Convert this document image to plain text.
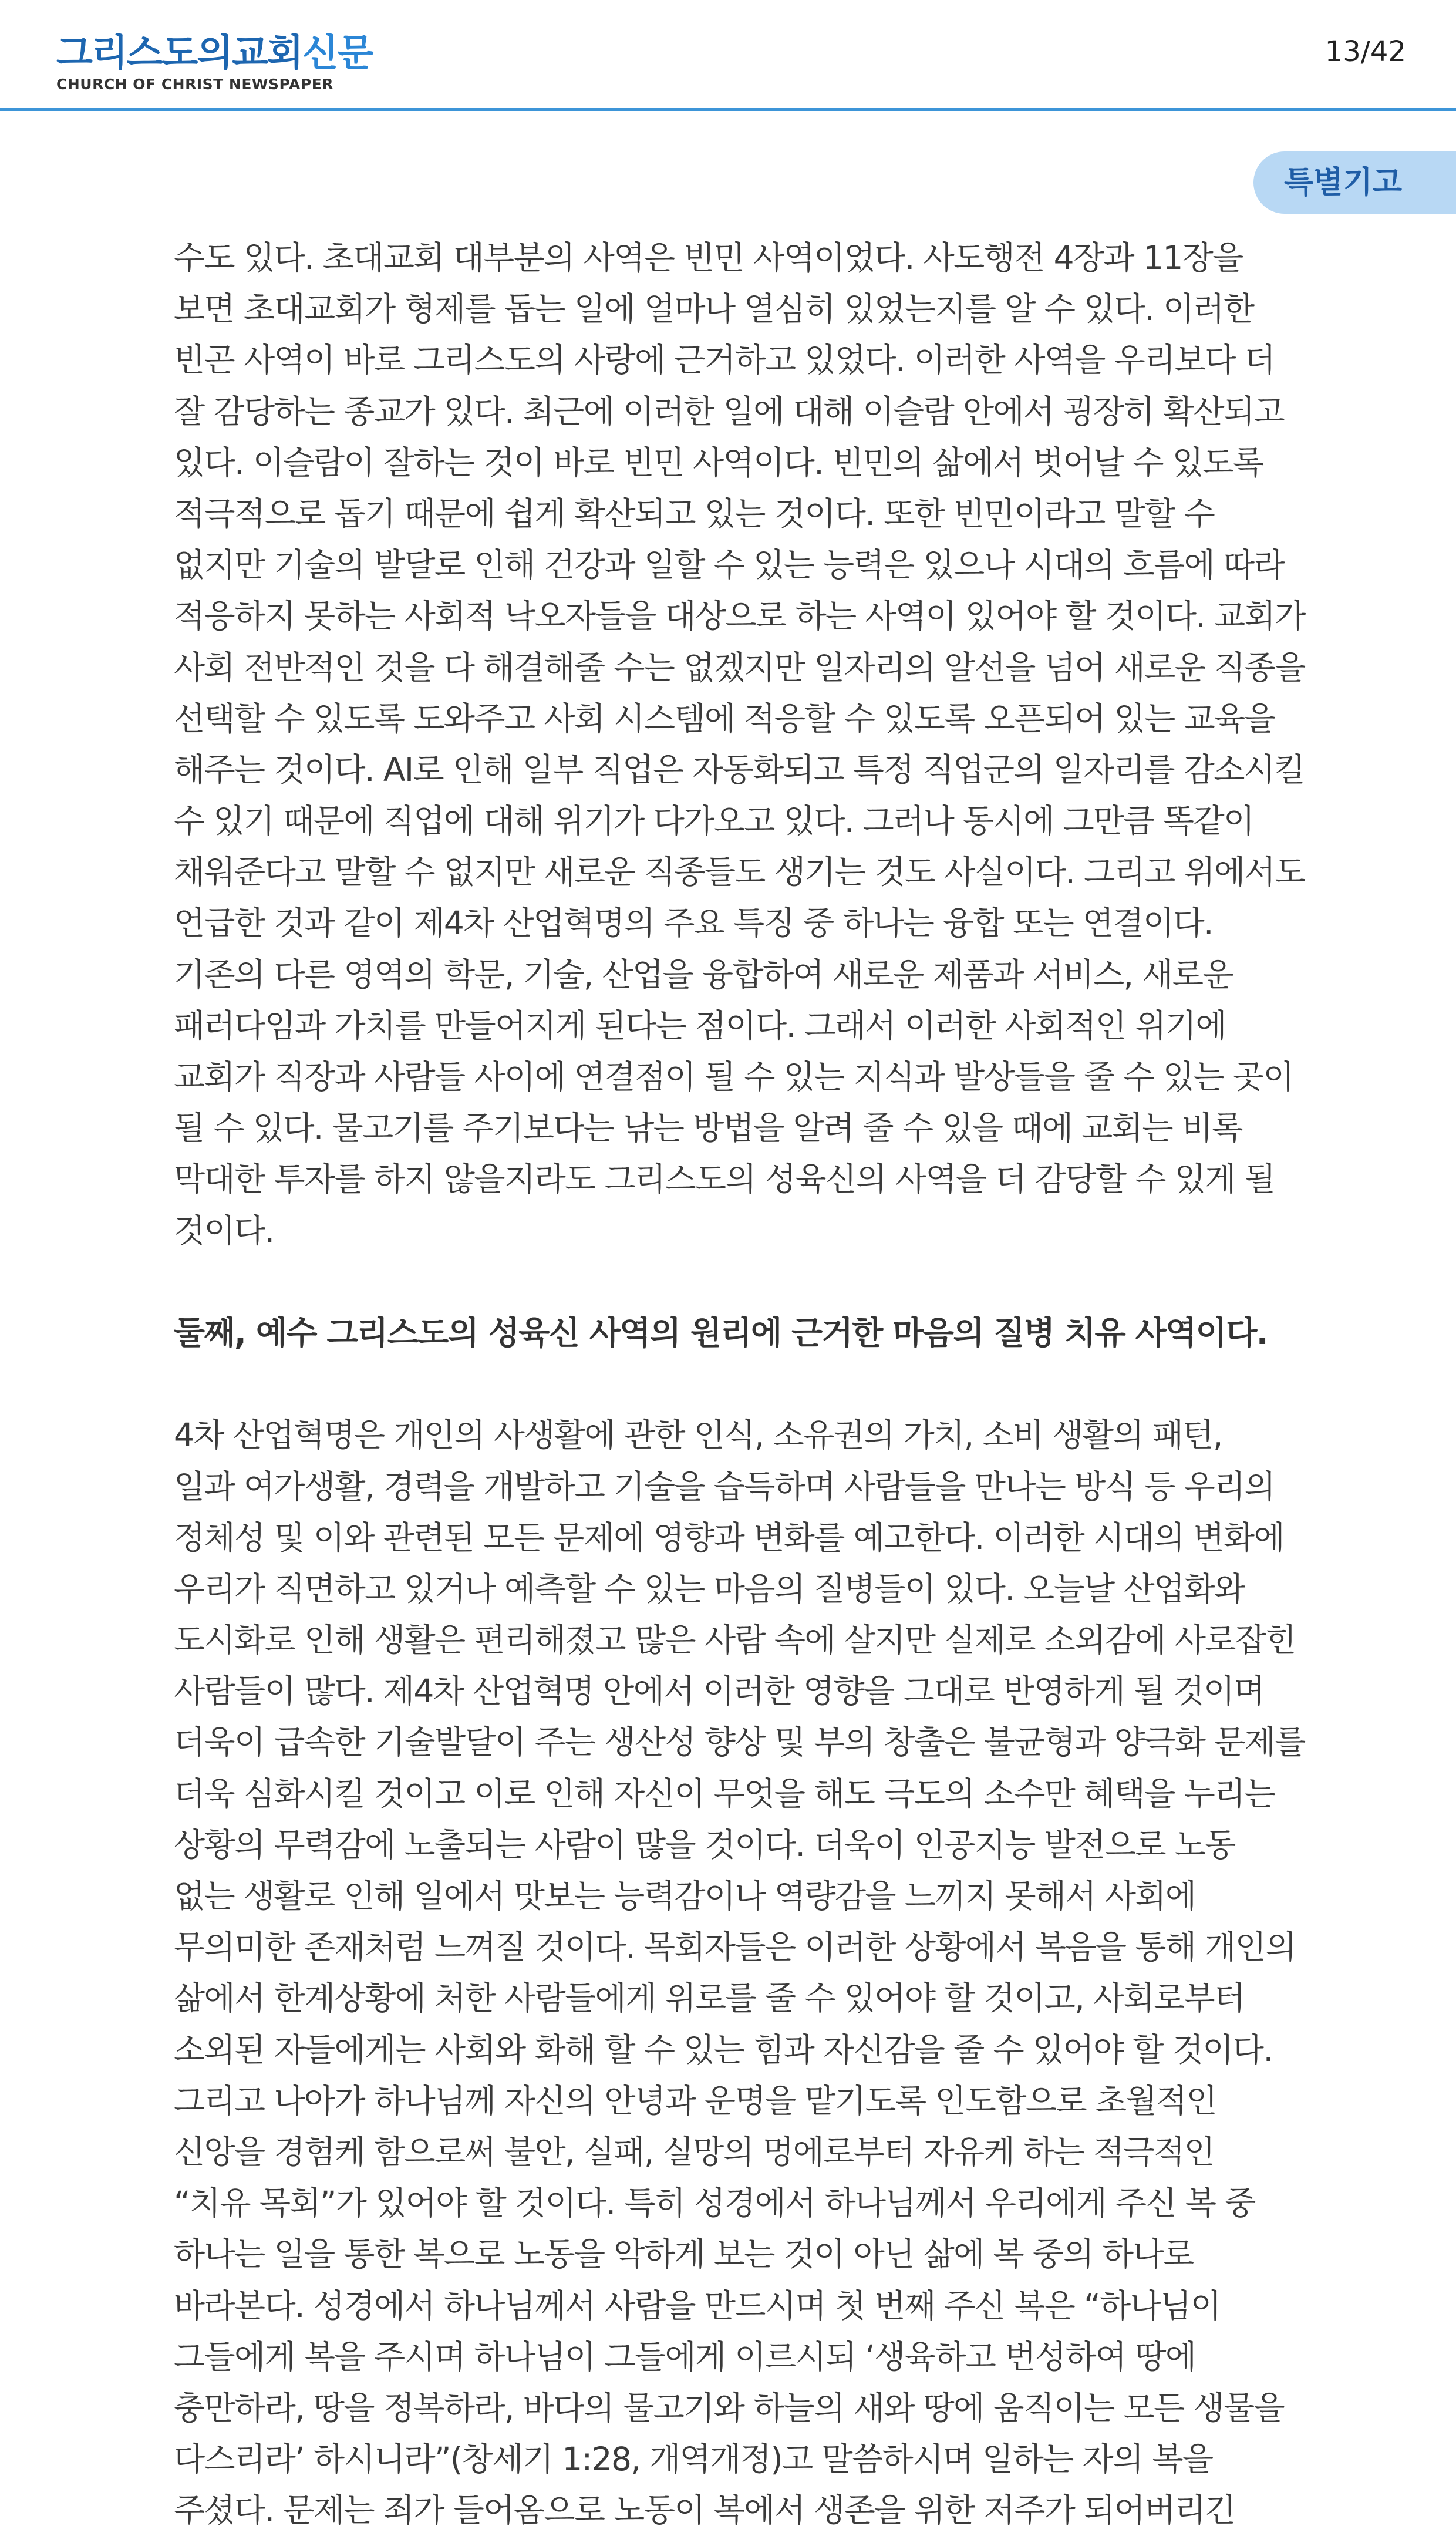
그리스도의교회신문
CHURCH OF CHRIST NEWSPAPER
13/42
특별기고
수도 있다. 초대교회 대부분의 사역은 빈민 사역이었다. 사도행전 4장과 11장을
보면 초대교회가 형제를 돕는 일에 얼마나 열심히 있었는지를 알 수 있다. 이러한
빈곤 사역이 바로 그리스도의 사랑에 근거하고 있었다. 이러한 사역을 우리보다 더
잘 감당하는 종교가 있다. 최근에 이러한 일에 대해 이슬람 안에서 굉장히 확산되고
있다. 이슬람이 잘하는 것이 바로 빈민 사역이다. 빈민의 삶에서 벗어날 수 있도록
적극적으로 돕기 때문에 쉽게 확산되고 있는 것이다. 또한 빈민이라고 말할 수
없지만 기술의 발달로 인해 건강과 일할 수 있는 능력은 있으나 시대의 흐름에 따라
적응하지 못하는 사회적 낙오자들을 대상으로 하는 사역이 있어야 할 것이다. 교회가
사회 전반적인 것을 다 해결해줄 수는 없겠지만 일자리의 알선을 넘어 새로운 직종을
선택할 수 있도록 도와주고 사회 시스템에 적응할 수 있도록 오픈되어 있는 교육을
해주는 것이다. AI로 인해 일부 직업은 자동화되고 특정 직업군의 일자리를 감소시킬
수 있기 때문에 직업에 대해 위기가 다가오고 있다. 그러나 동시에 그만큼 똑같이
채워준다고 말할 수 없지만 새로운 직종들도 생기는 것도 사실이다. 그리고 위에서도
언급한 것과 같이 제4차 산업혁명의 주요 특징 중 하나는 융합 또는 연결이다.
기존의 다른 영역의 학문, 기술, 산업을 융합하여 새로운 제품과 서비스, 새로운
패러다임과 가치를 만들어지게 된다는 점이다. 그래서 이러한 사회적인 위기에
교회가 직장과 사람들 사이에 연결점이 될 수 있는 지식과 발상들을 줄 수 있는 곳이
될 수 있다. 물고기를 주기보다는 낚는 방법을 알려 줄 수 있을 때에 교회는 비록
막대한 투자를 하지 않을지라도 그리스도의 성육신의 사역을 더 감당할 수 있게 될
것이다.
둘째, 예수 그리스도의 성육신 사역의 원리에 근거한 마음의 질병 치유 사역이다.
4차 산업혁명은 개인의 사생활에 관한 인식, 소유권의 가치, 소비 생활의 패턴,
일과 여가생활, 경력을 개발하고 기술을 습득하며 사람들을 만나는 방식 등 우리의
정체성 및 이와 관련된 모든 문제에 영향과 변화를 예고한다. 이러한 시대의 변화에
우리가 직면하고 있거나 예측할 수 있는 마음의 질병들이 있다. 오늘날 산업화와
도시화로 인해 생활은 편리해졌고 많은 사람 속에 살지만 실제로 소외감에 사로잡힌
사람들이 많다. 제4차 산업혁명 안에서 이러한 영향을 그대로 반영하게 될 것이며
더욱이 급속한 기술발달이 주는 생산성 향상 및 부의 창출은 불균형과 양극화 문제를
더욱 심화시킬 것이고 이로 인해 자신이 무엇을 해도 극도의 소수만 혜택을 누리는
상황의 무력감에 노출되는 사람이 많을 것이다. 더욱이 인공지능 발전으로 노동
없는 생활로 인해 일에서 맛보는 능력감이나 역량감을 느끼지 못해서 사회에
무의미한 존재처럼 느껴질 것이다. 목회자들은 이러한 상황에서 복음을 통해 개인의
삶에서 한계상황에 처한 사람들에게 위로를 줄 수 있어야 할 것이고, 사회로부터
소외된 자들에게는 사회와 화해 할 수 있는 힘과 자신감을 줄 수 있어야 할 것이다.
그리고 나아가 하나님께 자신의 안녕과 운명을 맡기도록 인도함으로 초월적인
신앙을 경험케 함으로써 불안, 실패, 실망의 멍에로부터 자유케 하는 적극적인
“치유 목회”가 있어야 할 것이다. 특히 성경에서 하나님께서 우리에게 주신 복 중
하나는 일을 통한 복으로 노동을 악하게 보는 것이 아닌 삶에 복 중의 하나로
바라본다. 성경에서 하나님께서 사람을 만드시며 첫 번째 주신 복은 “하나님이
그들에게 복을 주시며 하나님이 그들에게 이르시되 ‘생육하고 번성하여 땅에
충만하라, 땅을 정복하라, 바다의 물고기와 하늘의 새와 땅에 움직이는 모든 생물을
다스리라’ 하시니라”(창세기 1:28, 개역개정)고 말씀하시며 일하는 자의 복을
주셨다. 문제는 죄가 들어옴으로 노동이 복에서 생존을 위한 저주가 되어버리긴
